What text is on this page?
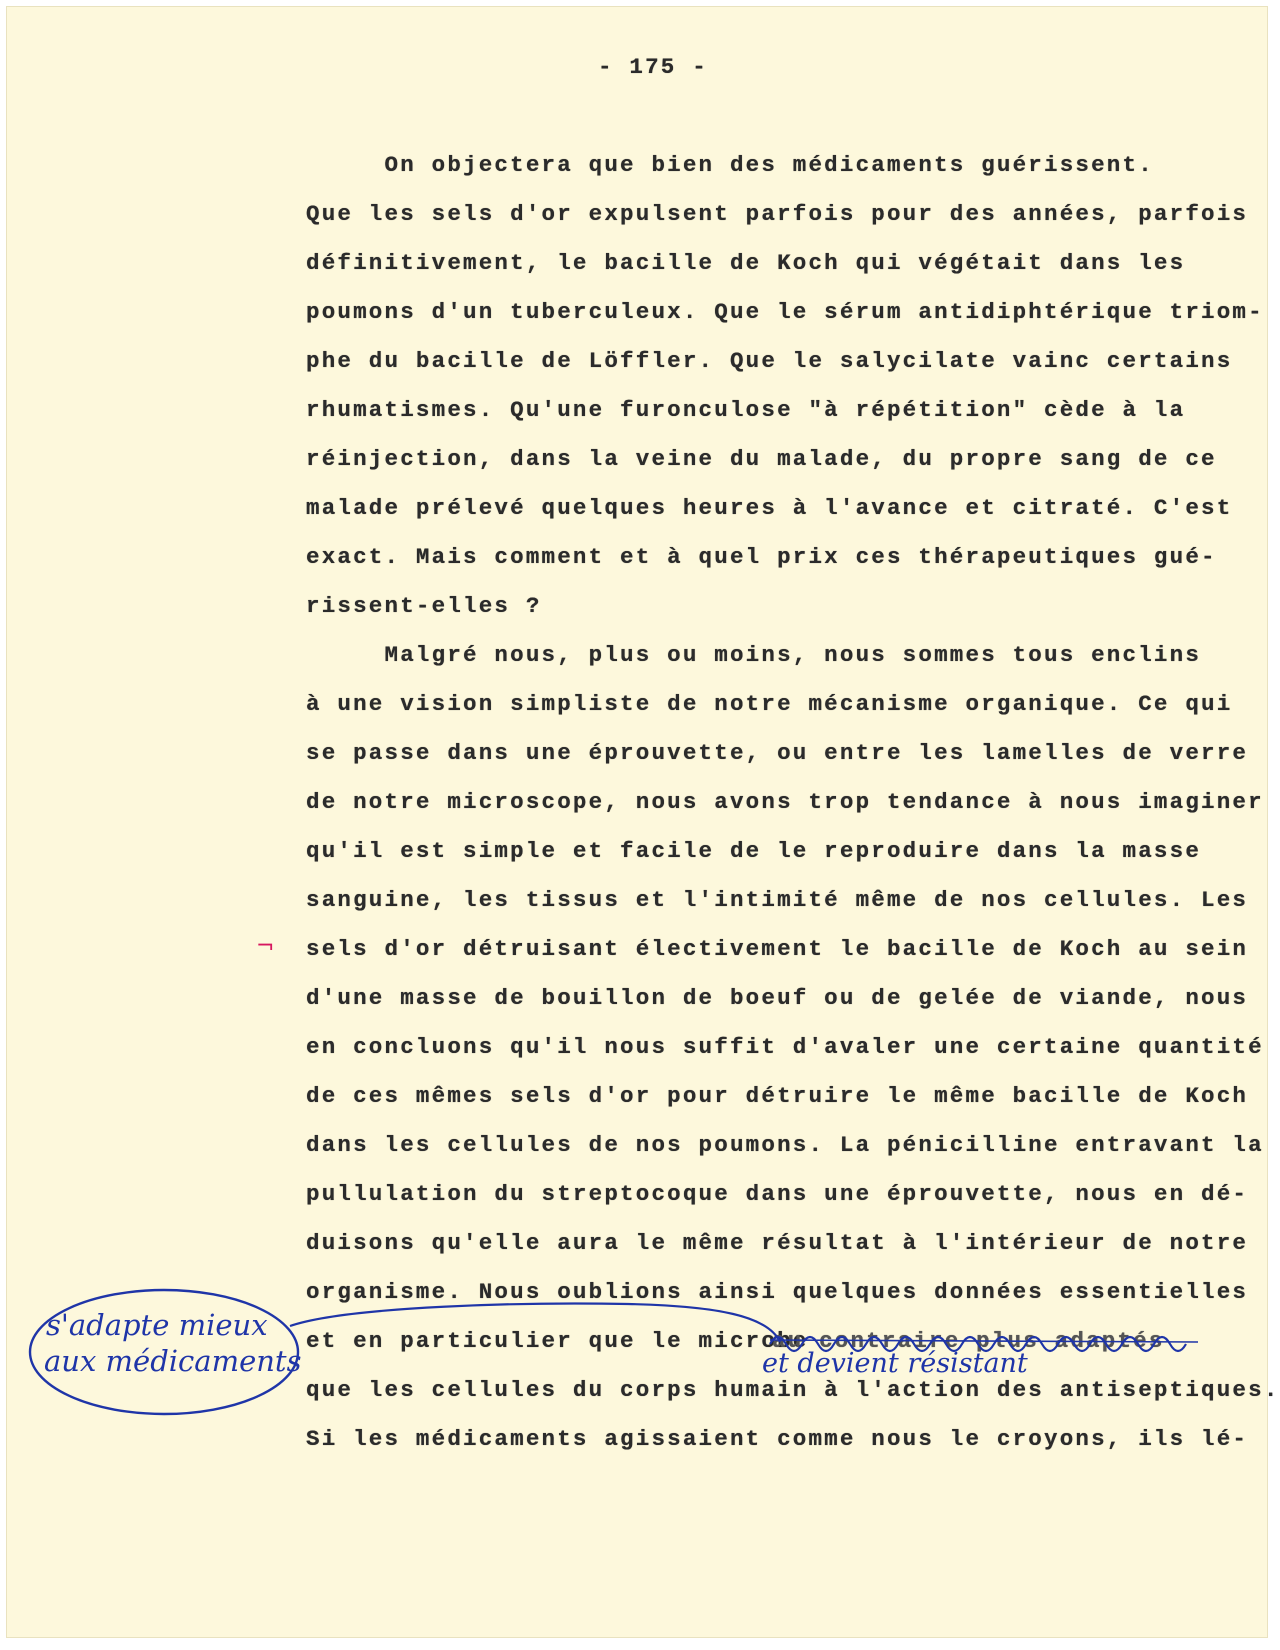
- 175 -
On objectera que bien des médicaments guérissent.
Que les sels d'or expulsent parfois pour des années, parfois
définitivement, le bacille de Koch qui végétait dans les
poumons d'un tuberculeux. Que le sérum antidiphtérique triom-
phe du bacille de Löffler. Que le salycilate vainc certains
rhumatismes. Qu'une furonculose "à répétition" cède à la
réinjection, dans la veine du malade, du propre sang de ce
malade prélevé quelques heures à l'avance et citraté. C'est
exact. Mais comment et à quel prix ces thérapeutiques gué-
rissent-elles ?
Malgré nous, plus ou moins, nous sommes tous enclins
à une vision simpliste de notre mécanisme organique. Ce qui
se passe dans une éprouvette, ou entre les lamelles de verre
de notre microscope, nous avons trop tendance à nous imaginer
qu'il est simple et facile de le reproduire dans la masse
sanguine, les tissus et l'intimité même de nos cellules. Les
¬ sels d'or détruisant électivement le bacille de Koch au sein
d'une masse de bouillon de boeuf ou de gelée de viande, nous
en concluons qu'il nous suffit d'avaler une certaine quantité
de ces mêmes sels d'or pour détruire le même bacille de Koch
dans les cellules de nos poumons. La pénicilline entravant la
pullulation du streptocoque dans une éprouvette, nous en dé-
duisons qu'elle aura le même résultat à l'intérieur de notre
organisme. Nous oublions ainsi quelques données essentielles
et en particulier que le microbe
au contraire plus adaptés
et devient résistant
que les cellules du corps humain à l'action des antiseptiques.
Si les médicaments agissaient comme nous le croyons, ils lé-
s'adapte mieux
aux médicaments
